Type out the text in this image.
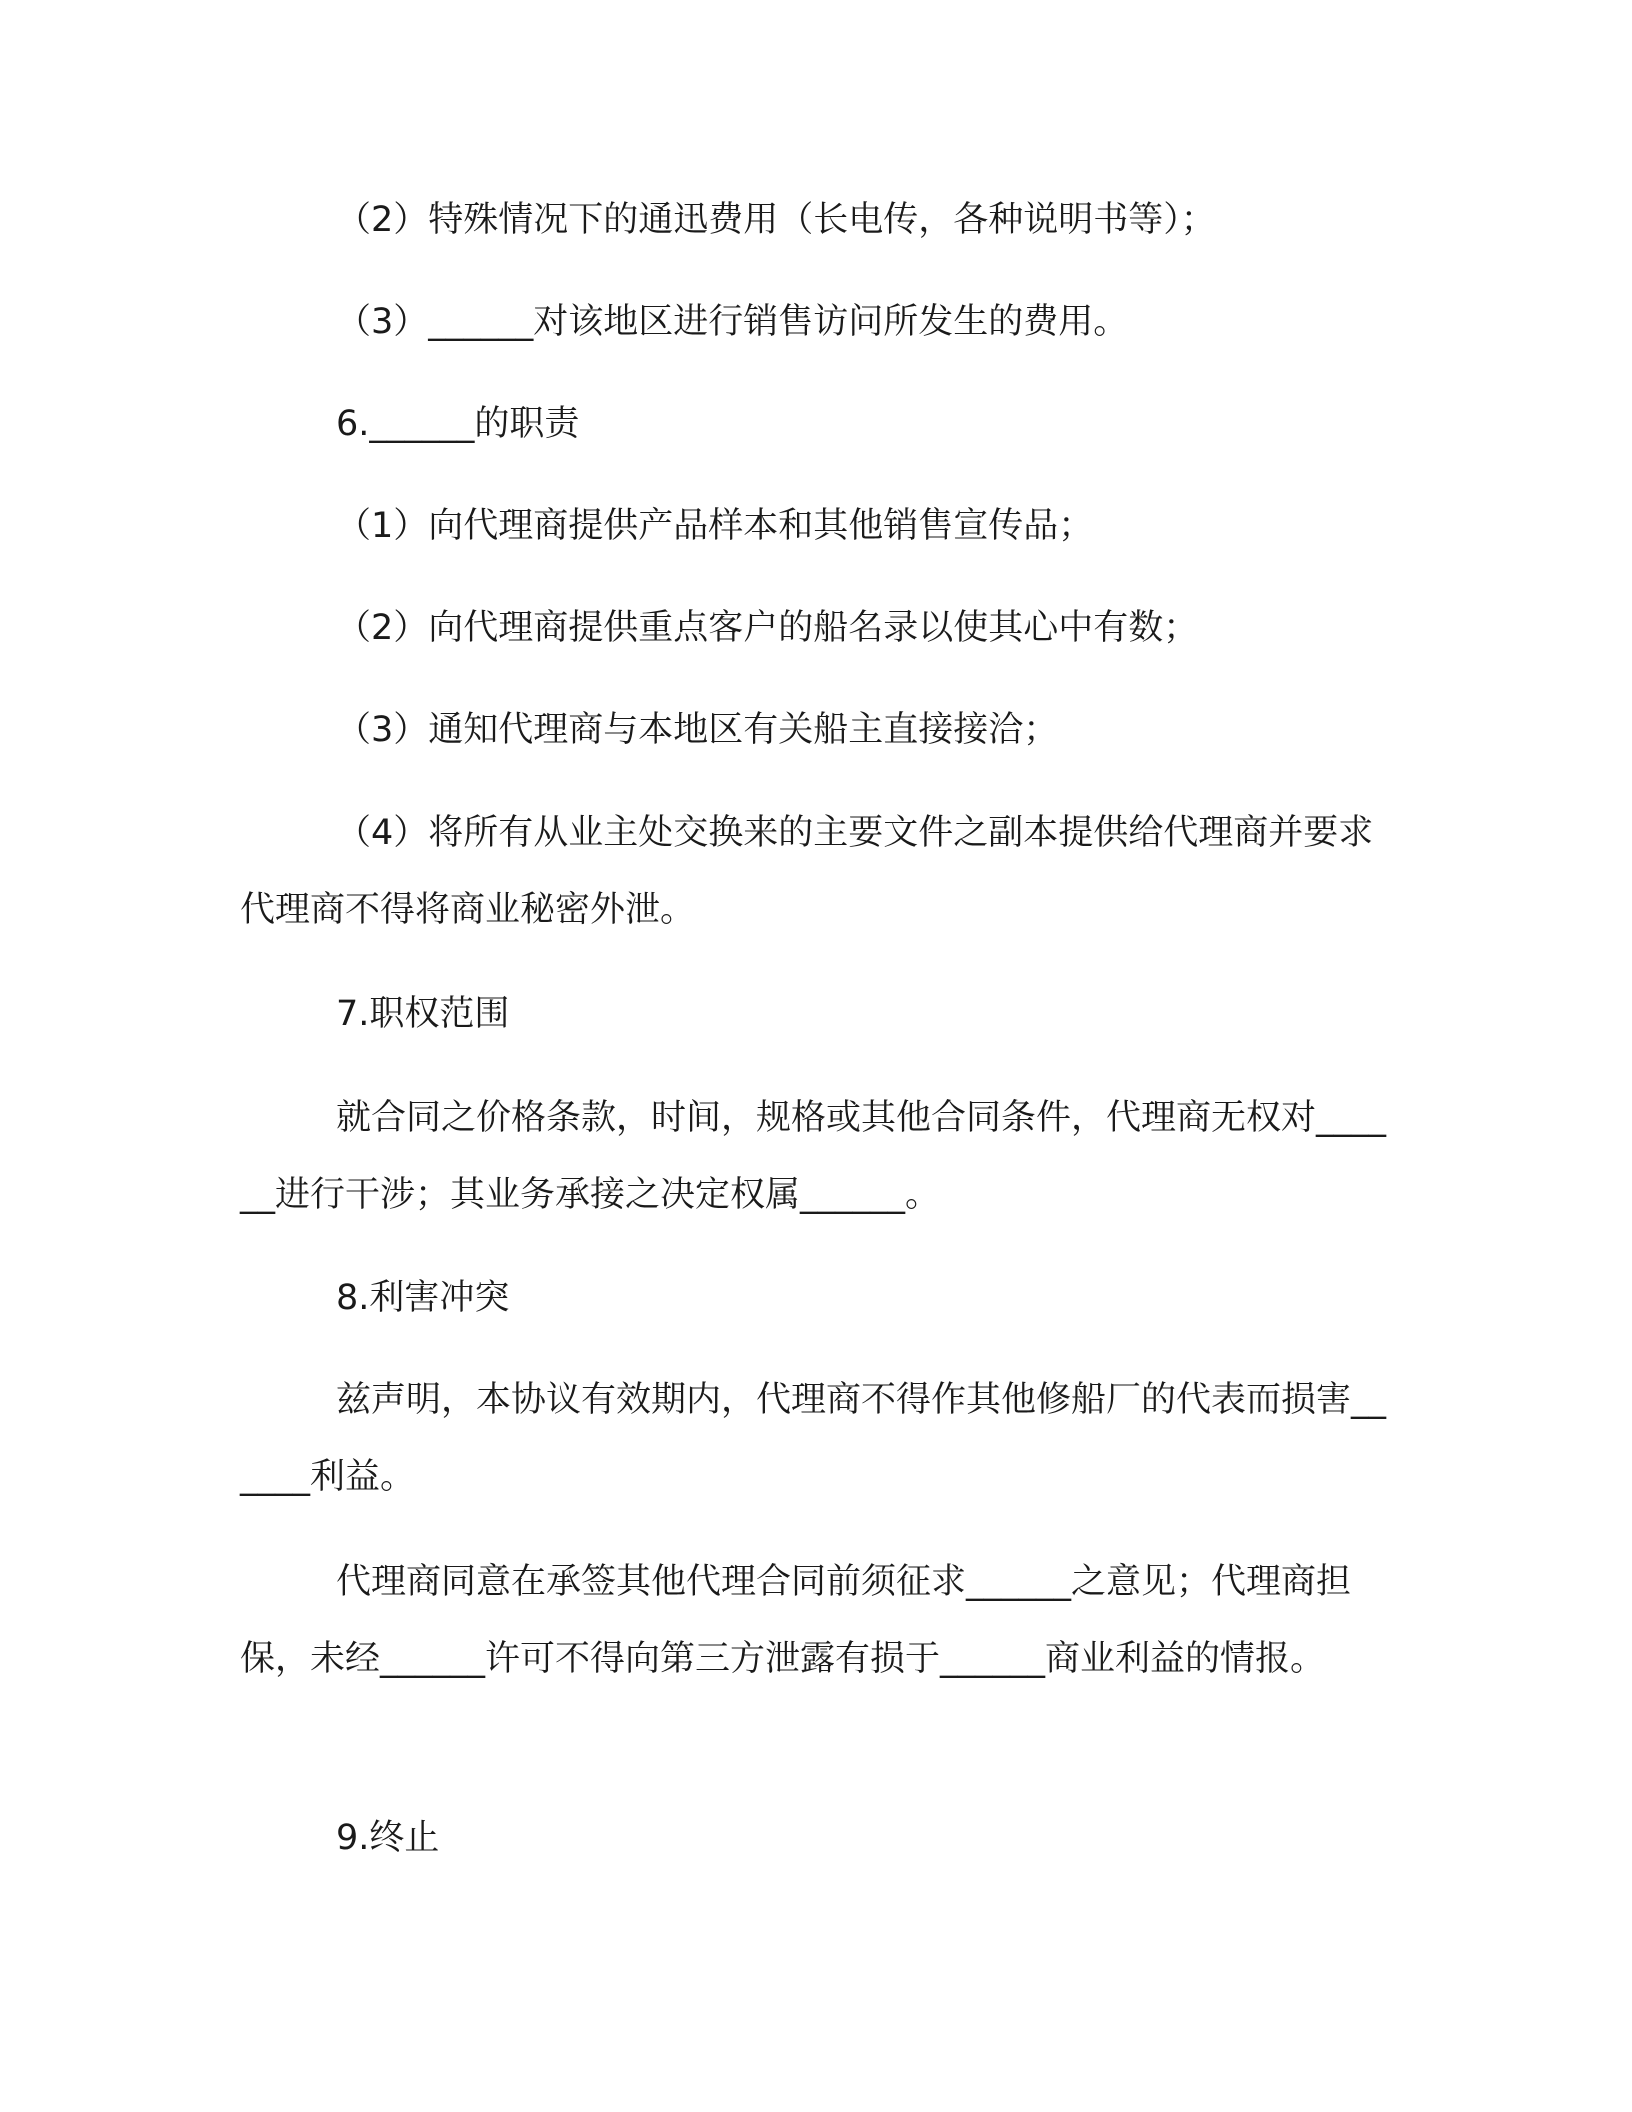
（2）特殊情况下的通迅费用（长电传，各种说明书等）；

（3）______对该地区进行销售访问所发生的费用。

6.______的职责

（1）向代理商提供产品样本和其他销售宣传品；

（2）向代理商提供重点客户的船名录以使其心中有数；

（3）通知代理商与本地区有关船主直接接洽；

（4）将所有从业主处交换来的主要文件之副本提供给代理商并要求代理商不得将商业秘密外泄。

7.职权范围

就合同之价格条款，时间，规格或其他合同条件，代理商无权对______进行干涉；其业务承接之决定权属______。

8.利害冲突

兹声明，本协议有效期内，代理商不得作其他修船厂的代表而损害______利益。

代理商同意在承签其他代理合同前须征求______之意见；代理商担保，未经______许可不得向第三方泄露有损于______商业利益的情报。

9.终止
